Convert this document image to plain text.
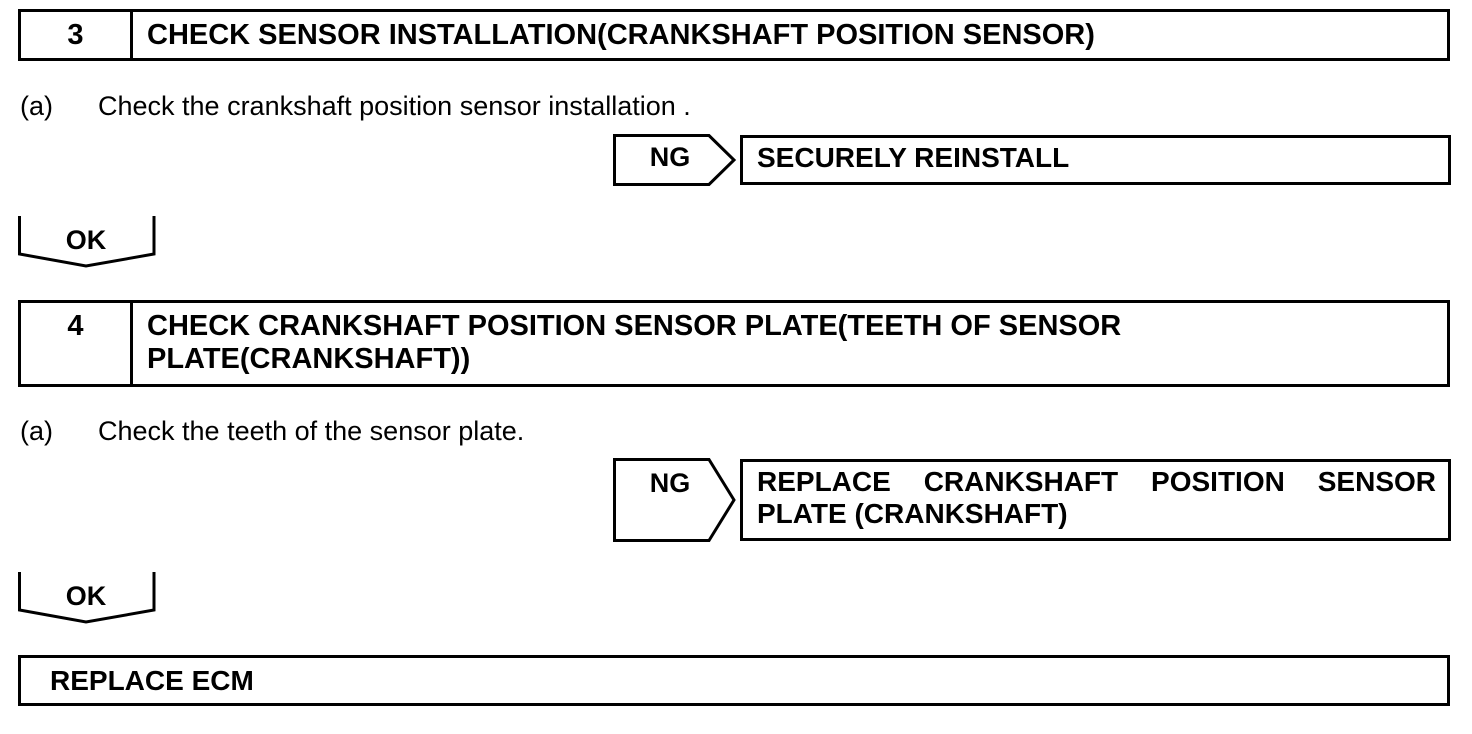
3	CHECK SENSOR INSTALLATION(CRANKSHAFT POSITION SENSOR)
(a) Check the crankshaft position sensor installation .
NG	SECURELY REINSTALL
OK
4	CHECK CRANKSHAFT POSITION SENSOR PLATE(TEETH OF SENSOR
PLATE(CRANKSHAFT))
(a) Check the teeth of the sensor plate.
NG	REPLACE CRANKSHAFT POSITION SENSOR
PLATE (CRANKSHAFT)
OK
REPLACE ECM
